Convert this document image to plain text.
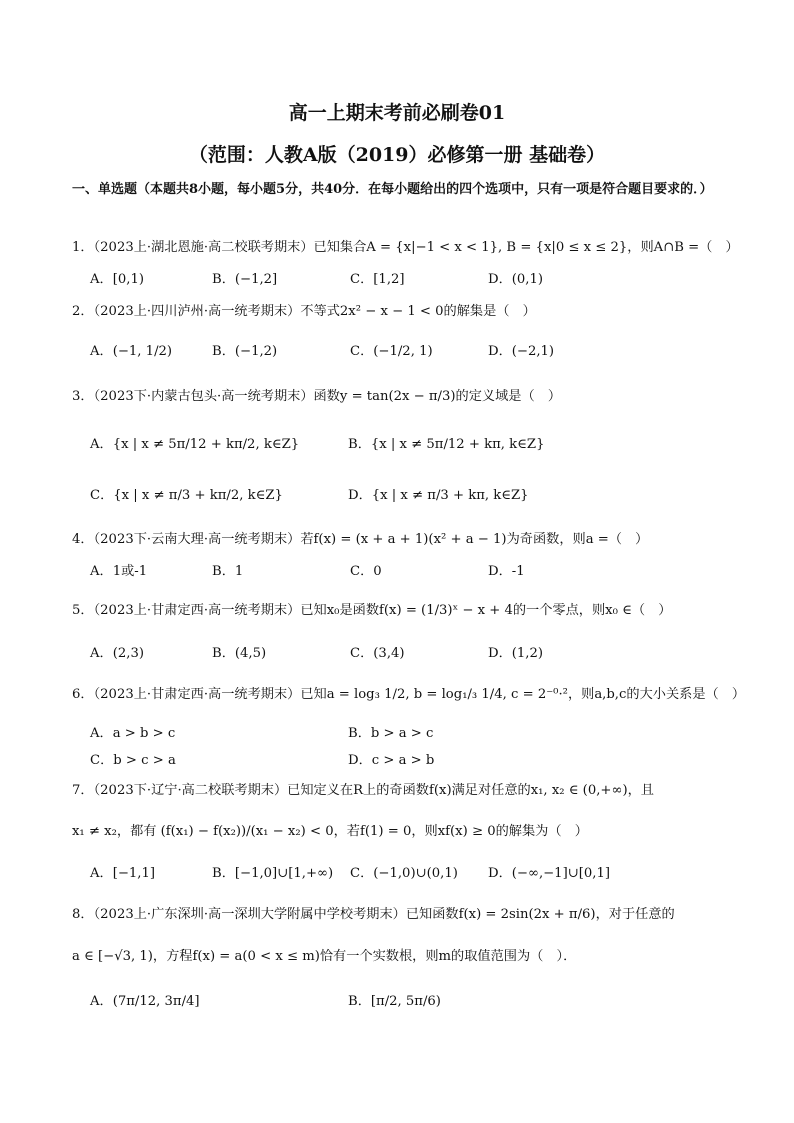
高一上期末考前必刷卷01
（范围：人教A版（2019）必修第一册 基础卷）
一、单选题（本题共8小题，每小题5分，共40分．在每小题给出的四个选项中，只有一项是符合题目要求的．）
1．（2023上·湖北恩施·高二校联考期末）已知集合A = {x|−1 < x < 1}, B = {x|0 ≤ x ≤ 2}，则A∩B =（　）
A．[0,1)	B．(−1,2]	C．[1,2]	D．(0,1)
2．（2023上·四川泸州·高一统考期末）不等式2x² − x − 1 < 0的解集是（　）
A．(−1, 1/2)	B．(−1,2)	C．(−1/2, 1)	D．(−2,1)
3．（2023下·内蒙古包头·高一统考期末）函数y = tan(2x − π/3)的定义域是（　）
A．{x | x ≠ 5π/12 + kπ/2, k∈Z}	B．{x | x ≠ 5π/12 + kπ, k∈Z}
C．{x | x ≠ π/3 + kπ/2, k∈Z}	D．{x | x ≠ π/3 + kπ, k∈Z}
4．（2023下·云南大理·高一统考期末）若f(x) = (x + a + 1)(x² + a − 1)为奇函数，则a =（　）
A．1或-1	B．1	C．0	D．-1
5．（2023上·甘肃定西·高一统考期末）已知x₀是函数f(x) = (1/3)ˣ − x + 4的一个零点，则x₀ ∈（　）
A．(2,3)	B．(4,5)	C．(3,4)	D．(1,2)
6．（2023上·甘肃定西·高一统考期末）已知a = log₃ 1/2, b = log₁/₃ 1/4, c = 2⁻⁰·²，则a,b,c的大小关系是（　）
A．a > b > c	B．b > a > c
C．b > c > a	D．c > a > b
7．（2023下·辽宁·高二校联考期末）已知定义在R上的奇函数f(x)满足对任意的x₁, x₂ ∈ (0,+∞)，且
x₁ ≠ x₂，都有 (f(x₁) − f(x₂))/(x₁ − x₂) < 0，若f(1) = 0，则xf(x) ≥ 0的解集为（　）
A．[−1,1]	B．[−1,0]∪[1,+∞) C．(−1,0)∪(0,1) D．(−∞,−1]∪[0,1]
8．（2023上·广东深圳·高一深圳大学附属中学校考期末）已知函数f(x) = 2sin(2x + π/6)，对于任意的
a ∈ [−√3, 1)，方程f(x) = a(0 < x ≤ m)恰有一个实数根，则m的取值范围为（　）．
A．(7π/12, 3π/4]	B．[π/2, 5π/6)
